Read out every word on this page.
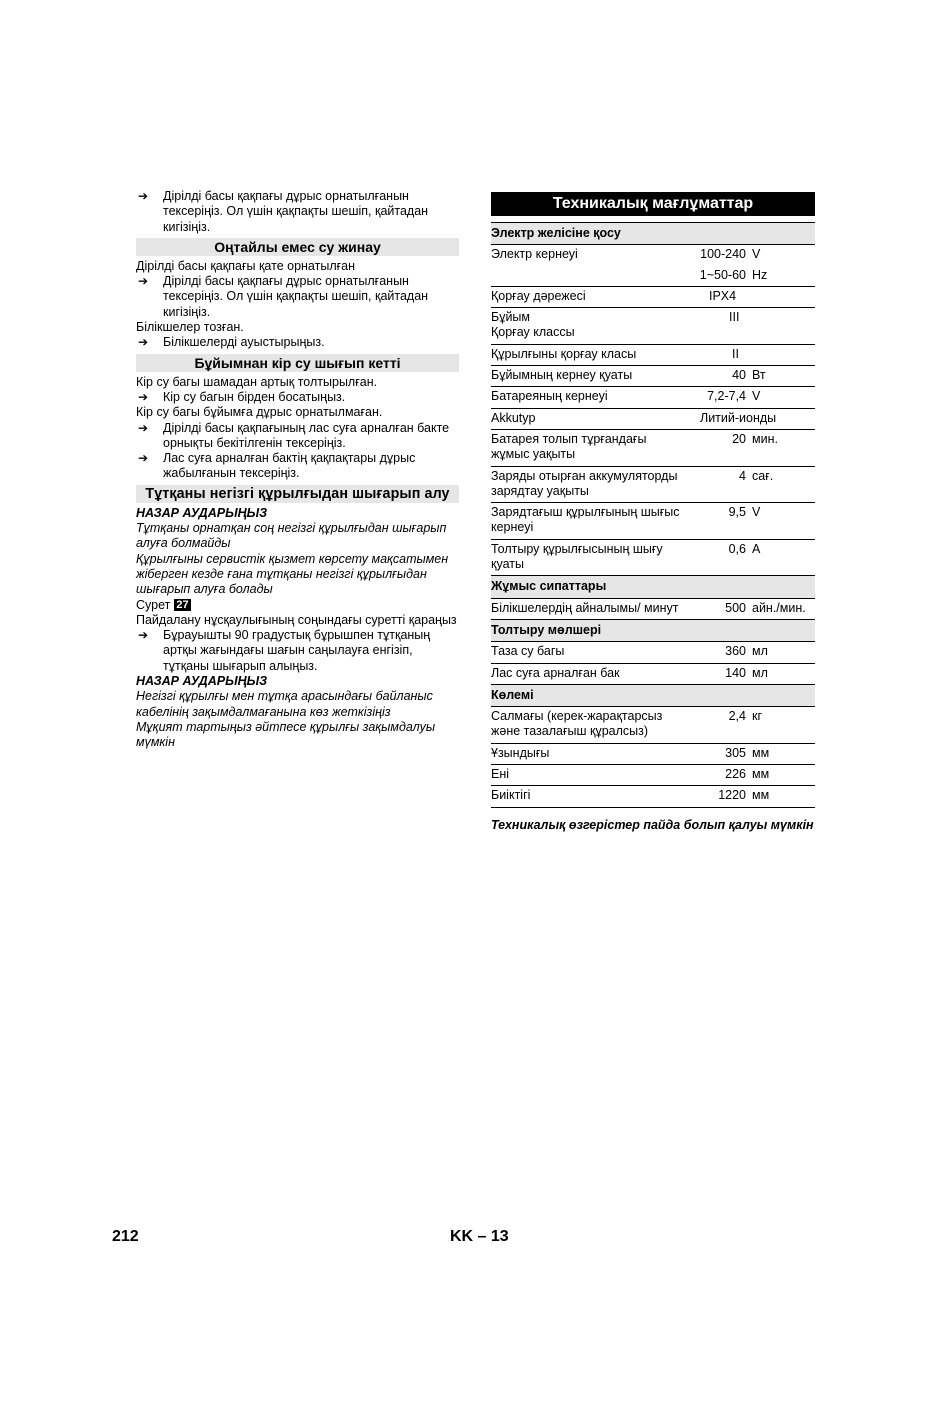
➔ Дірілді басы қақпағы дұрыс орнатылғанын тексеріңіз. Ол үшін қақпақты шешіп, қайтадан кигізіңіз.

Оңтайлы емес су жинау

Дірілді басы қақпағы қате орнатылған

➔ Дірілді басы қақпағы дұрыс орнатылғанын тексеріңіз. Ол үшін қақпақты шешіп, қайтадан кигізіңіз.

Білікшелер тозған.

➔ Білікшелерді ауыстырыңыз.

Бұйымнан кір су шығып кетті

Кір су багы шамадан артық толтырылған.

➔ Кір су багын бірден босатыңыз.

Кір су багы бұйымға дұрыс орнатылмаған.

➔ Дірілді басы қақпағының лас суға арналған бакте орнықты бекітілгенін тексеріңіз.

➔ Лас суға арналған бактің қақпақтары дұрыс жабылғанын тексеріңіз.

Тұтқаны негізгі құрылғыдан шығарып алу

НАЗАР АУДАРЫҢЫЗ

Тұтқаны орнатқан соң негізгі құрылғыдан шығарып алуға болмайды

Құрылғыны сервистік қызмет көрсету мақсатымен жіберген кезде ғана тұтқаны негізгі құрылғыдан шығарып алуға болады

Сурет 27

Пайдалану нұсқаулығының соңындағы суретті қараңыз

➔ Бұрауышты 90 градустық бұрышпен тұтқаның артқы жағындағы шағын саңылауға енгізіп, тұтқаны шығарып алыңыз.

НАЗАР АУДАРЫҢЫЗ

Негізгі құрылғы мен тұтқа арасындағы байланыс кабелінің зақымдалмағанына көз жеткізіңіз

Мұқият тартыңыз әйтпесе құрылғы зақымдалуы мүмкін

Техникалық мағлұматтар
Электр желісіне қосу		
Электр кернеуі	100-240	V
	1~50-60	Hz
Қорғау дәрежесі	IPX4	
Бұйым
Қорғау классы	III	
Құрылғыны қорғау класы	II	
Бұйымның кернеу қуаты	40	Вт
Батареяның кернеуі	7,2-7,4	V
Akkutyp	Литий-ионды	
Батарея толып тұрғандағы жұмыс уақыты	20	мин.
Заряды отырған аккумуляторды зарядтау уақыты	4	сағ.
Зарядтағыш құрылғының шығыс кернеуі	9,5	V
Толтыру құрылғысының шығу қуаты	0,6	A
Жұмыс сипаттары		
Білікшелердің айналымы/ минут	500	айн./мин.
Толтыру мөлшері		
Таза су багы	360	мл
Лас суға арналған бак	140	мл
Көлемі		
Салмағы (керек-жарақтарсыз және тазалағыш құралсыз)	2,4	кг
Ұзындығы	305	мм
Ені	226	мм
Биіктігі	1220	мм
Техникалық өзгерістер пайда болып қалуы мүмкін
212	KK – 13
